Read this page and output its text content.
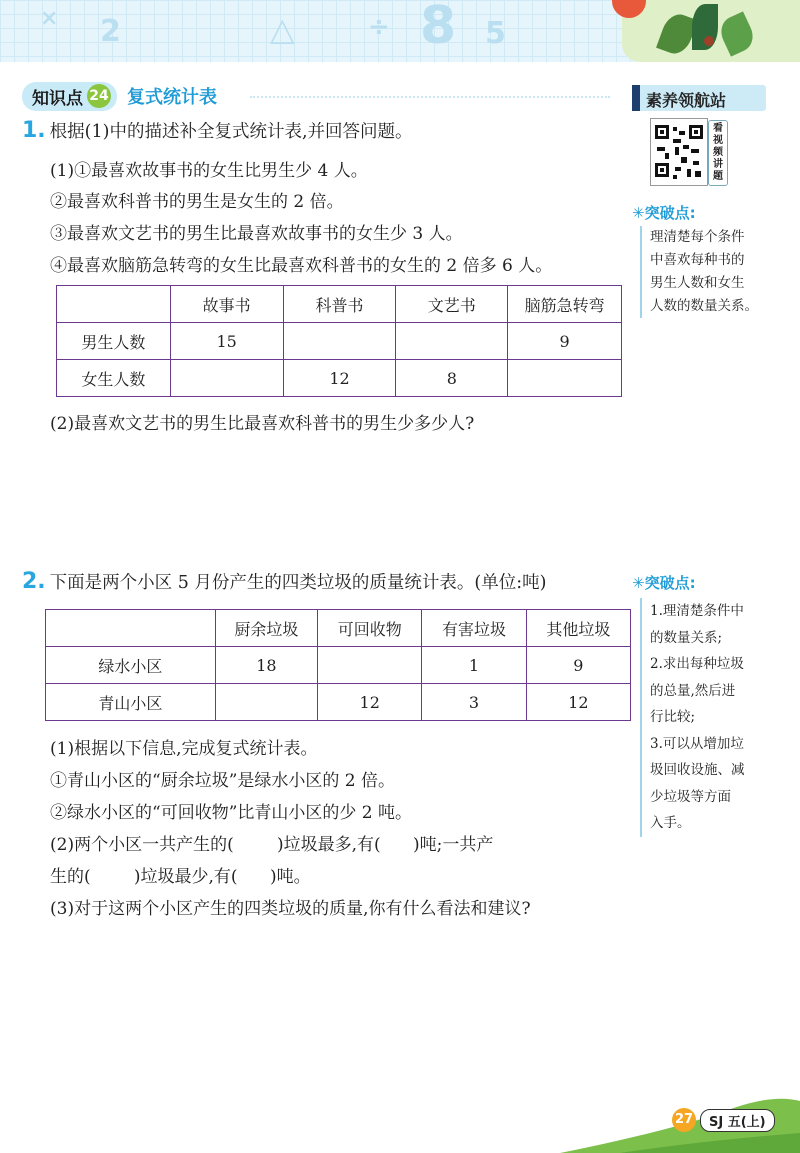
× 2	△	÷ 8 5
知识点 24 复式统计表
1. 根据(1)中的描述补全复式统计表,并回答问题。
(1)①最喜欢故事书的女生比男生少 4 人。
②最喜欢科普书的男生是女生的 2 倍。
③最喜欢文艺书的男生比最喜欢故事书的女生少 3 人。
④最喜欢脑筋急转弯的女生比最喜欢科普书的女生的 2 倍多 6 人。
	故事书	科普书	文艺书	脑筋急转弯
男生人数	15			9
女生人数		12	8	
(2)最喜欢文艺书的男生比最喜欢科普书的男生少多少人?
2. 下面是两个小区 5 月份产生的四类垃圾的质量统计表。(单位:吨)
	厨余垃圾	可回收物	有害垃圾	其他垃圾
绿水小区	18		1	9
青山小区		12	3	12
(1)根据以下信息,完成复式统计表。
①青山小区的“厨余垃圾”是绿水小区的 2 倍。
②绿水小区的“可回收物”比青山小区的少 2 吨。
(2)两个小区一共产生的(        )垃圾最多,有(      )吨;一共产
生的(        )垃圾最少,有(      )吨。
(3)对于这两个小区产生的四类垃圾的质量,你有什么看法和建议?
素养领航站
看视频讲题
✳突破点:
理清楚每个条件
中喜欢每种书的
男生人数和女生
人数的数量关系。
✳突破点:
1.理清楚条件中
的数量关系;
2.求出每种垃圾
的总量,然后进
行比较;
3.可以从增加垃
圾回收设施、减
少垃圾等方面
入手。
27	SJ 五(上)
